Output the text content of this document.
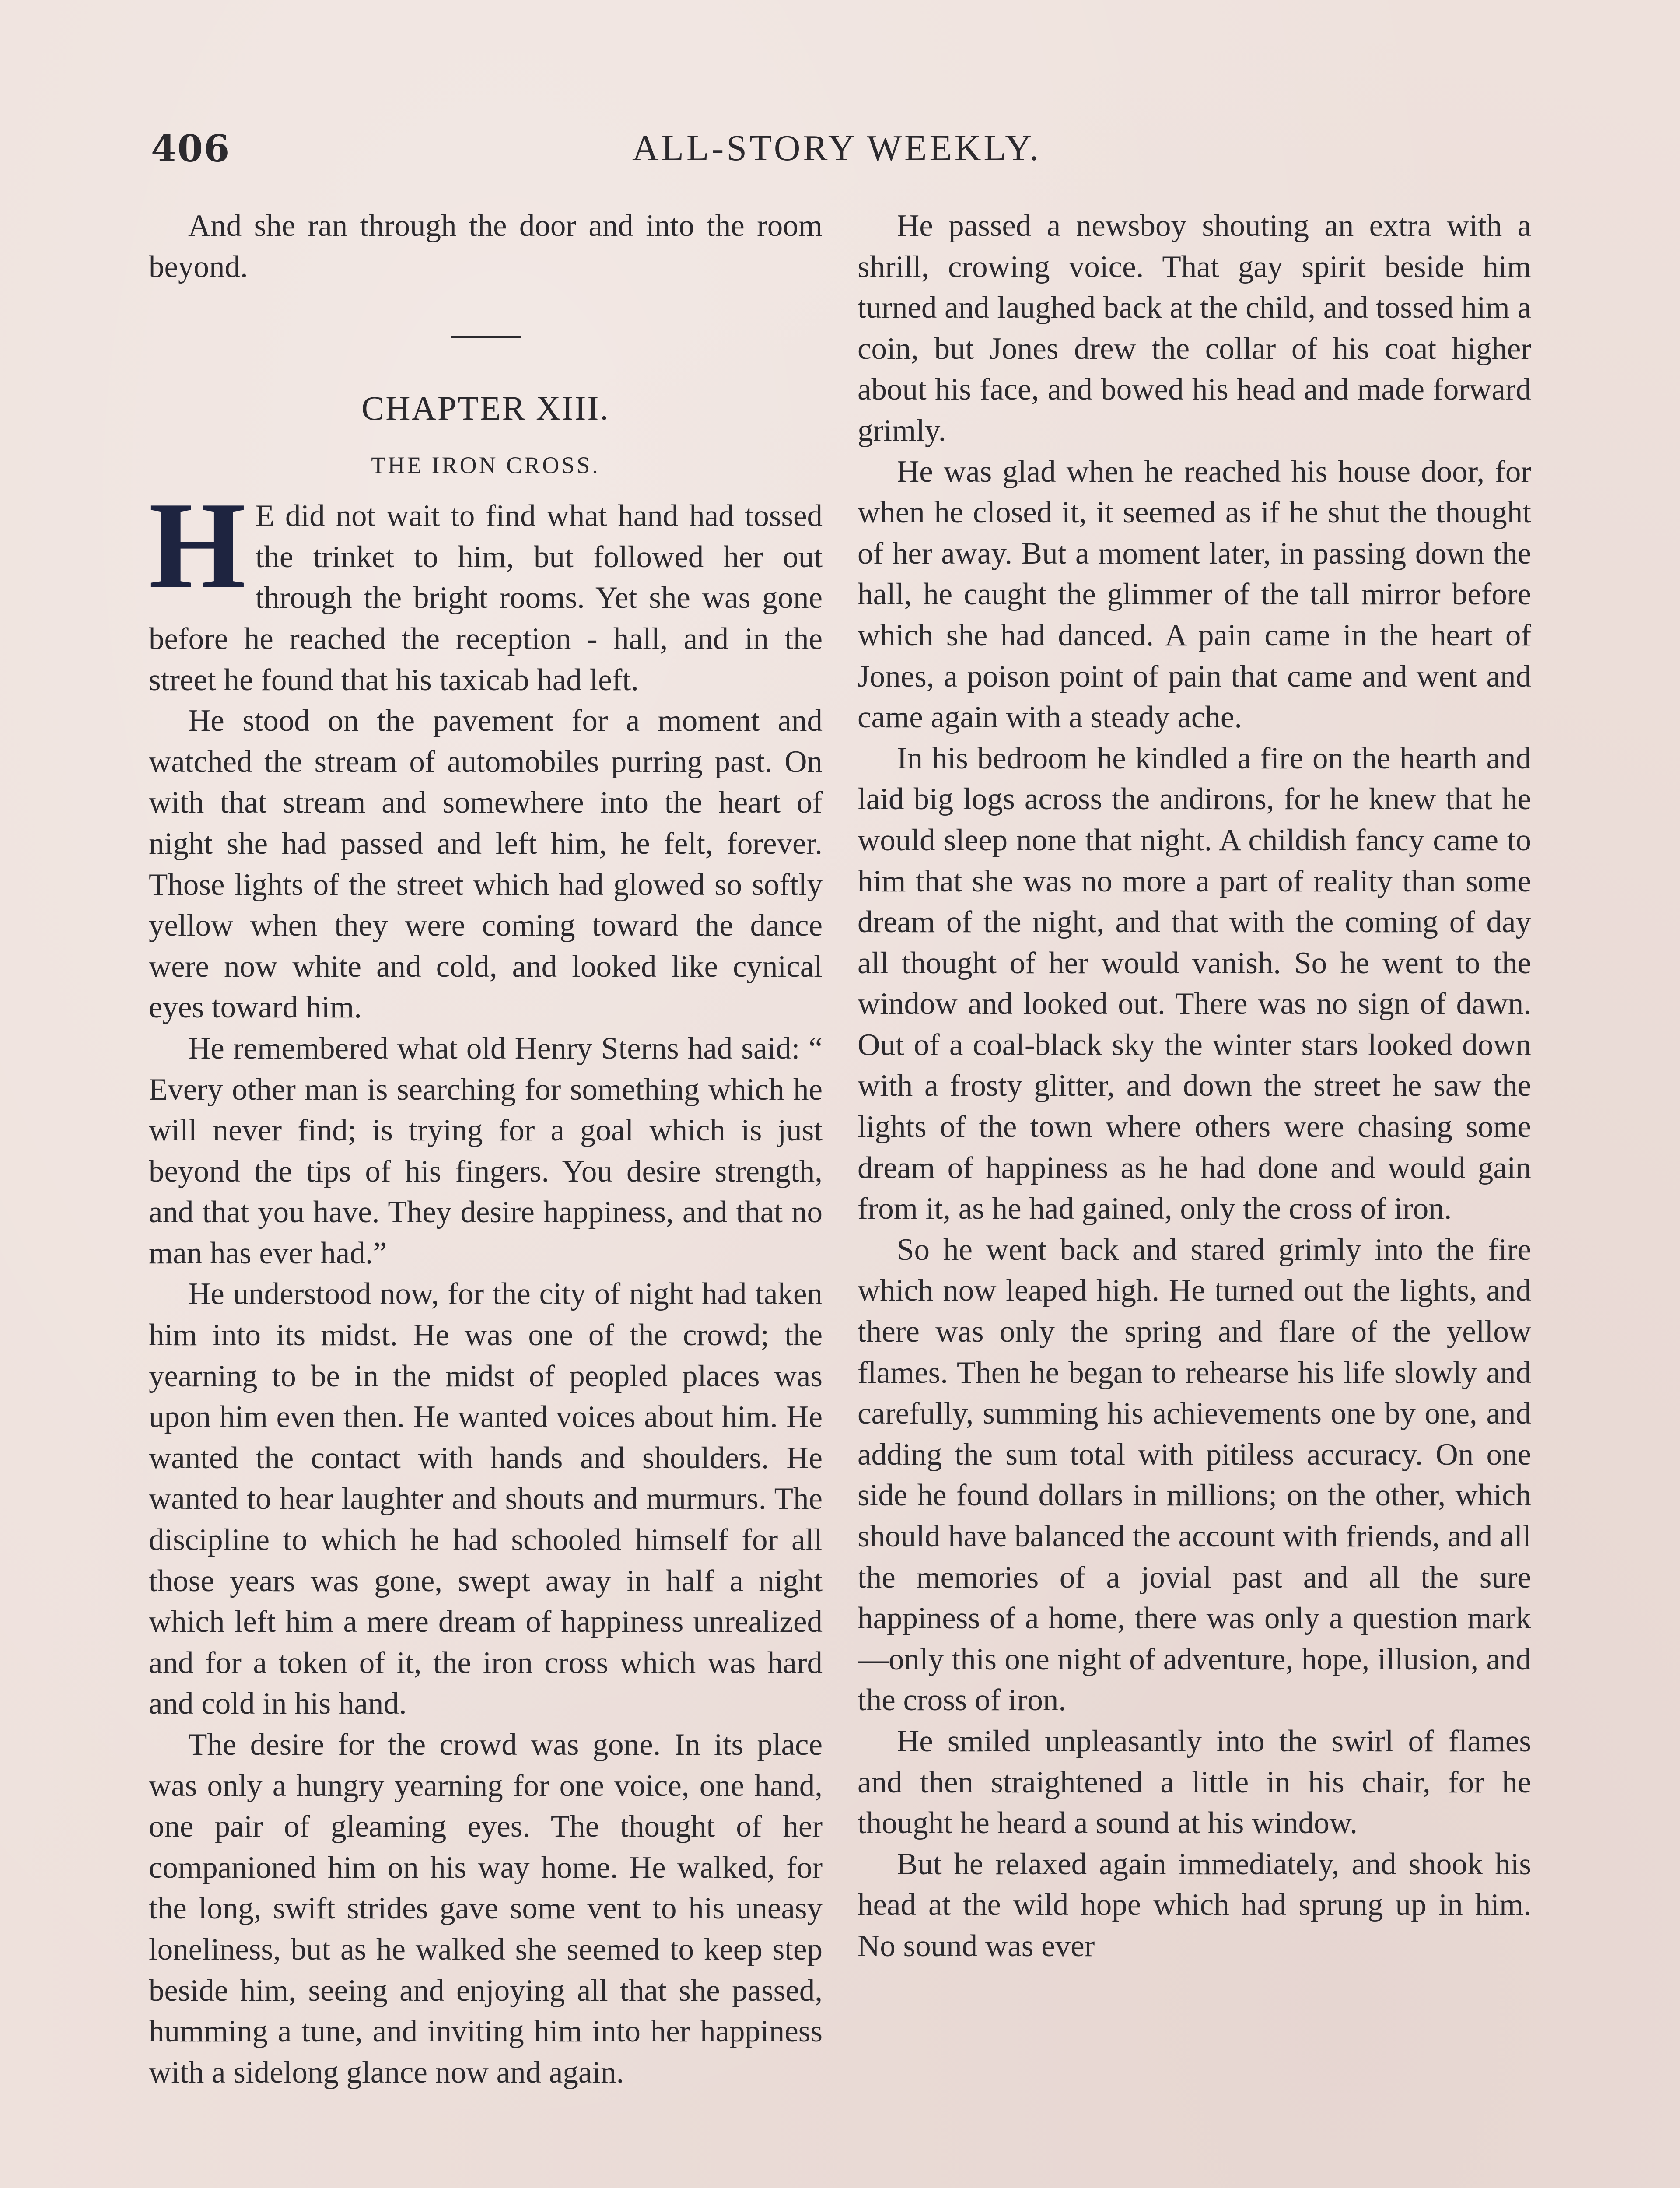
406	ALL-STORY WEEKLY.

And she ran through the door and into the room beyond.

CHAPTER XIII.
THE IRON CROSS.
H E did not wait to find what hand had tossed the trinket to him, but followed her out through the bright rooms. Yet she was gone before he reached the reception - hall, and in the street he found that his taxicab had left.

He stood on the pavement for a moment and watched the stream of automobiles purring past. On with that stream and somewhere into the heart of night she had passed and left him, he felt, forever. Those lights of the street which had glowed so softly yellow when they were coming toward the dance were now white and cold, and looked like cynical eyes toward him.

He remembered what old Henry Sterns had said: “ Every other man is searching for something which he will never find; is trying for a goal which is just beyond the tips of his fingers. You desire strength, and that you have. They desire happiness, and that no man has ever had.”

He understood now, for the city of night had taken him into its midst. He was one of the crowd; the yearning to be in the midst of peopled places was upon him even then. He wanted voices about him. He wanted the contact with hands and shoulders. He wanted to hear laughter and shouts and murmurs. The discipline to which he had schooled himself for all those years was gone, swept away in half a night which left him a mere dream of happiness unrealized and for a token of it, the iron cross which was hard and cold in his hand.

The desire for the crowd was gone. In its place was only a hungry yearning for one voice, one hand, one pair of gleaming eyes. The thought of her companioned him on his way home. He walked, for the long, swift strides gave some vent to his uneasy loneliness, but as he walked she seemed to keep step beside him, seeing and enjoying all that she passed, humming a tune, and inviting him into her happiness with a sidelong glance now and again.

He passed a newsboy shouting an extra with a shrill, crowing voice. That gay spirit beside him turned and laughed back at the child, and tossed him a coin, but Jones drew the collar of his coat higher about his face, and bowed his head and made forward grimly.

He was glad when he reached his house door, for when he closed it, it seemed as if he shut the thought of her away. But a moment later, in passing down the hall, he caught the glimmer of the tall mirror before which she had danced. A pain came in the heart of Jones, a poison point of pain that came and went and came again with a steady ache.

In his bedroom he kindled a fire on the hearth and laid big logs across the andirons, for he knew that he would sleep none that night. A childish fancy came to him that she was no more a part of reality than some dream of the night, and that with the coming of day all thought of her would vanish. So he went to the window and looked out. There was no sign of dawn. Out of a coal-black sky the winter stars looked down with a frosty glitter, and down the street he saw the lights of the town where others were chasing some dream of happiness as he had done and would gain from it, as he had gained, only the cross of iron.

So he went back and stared grimly into the fire which now leaped high. He turned out the lights, and there was only the spring and flare of the yellow flames. Then he began to rehearse his life slowly and carefully, summing his achievements one by one, and adding the sum total with pitiless accuracy. On one side he found dollars in millions; on the other, which should have balanced the account with friends, and all the memories of a jovial past and all the sure happiness of a home, there was only a question mark—only this one night of adventure, hope, illusion, and the cross of iron.

He smiled unpleasantly into the swirl of flames and then straightened a little in his chair, for he thought he heard a sound at his window.

But he relaxed again immediately, and shook his head at the wild hope which had sprung up in him. No sound was ever
